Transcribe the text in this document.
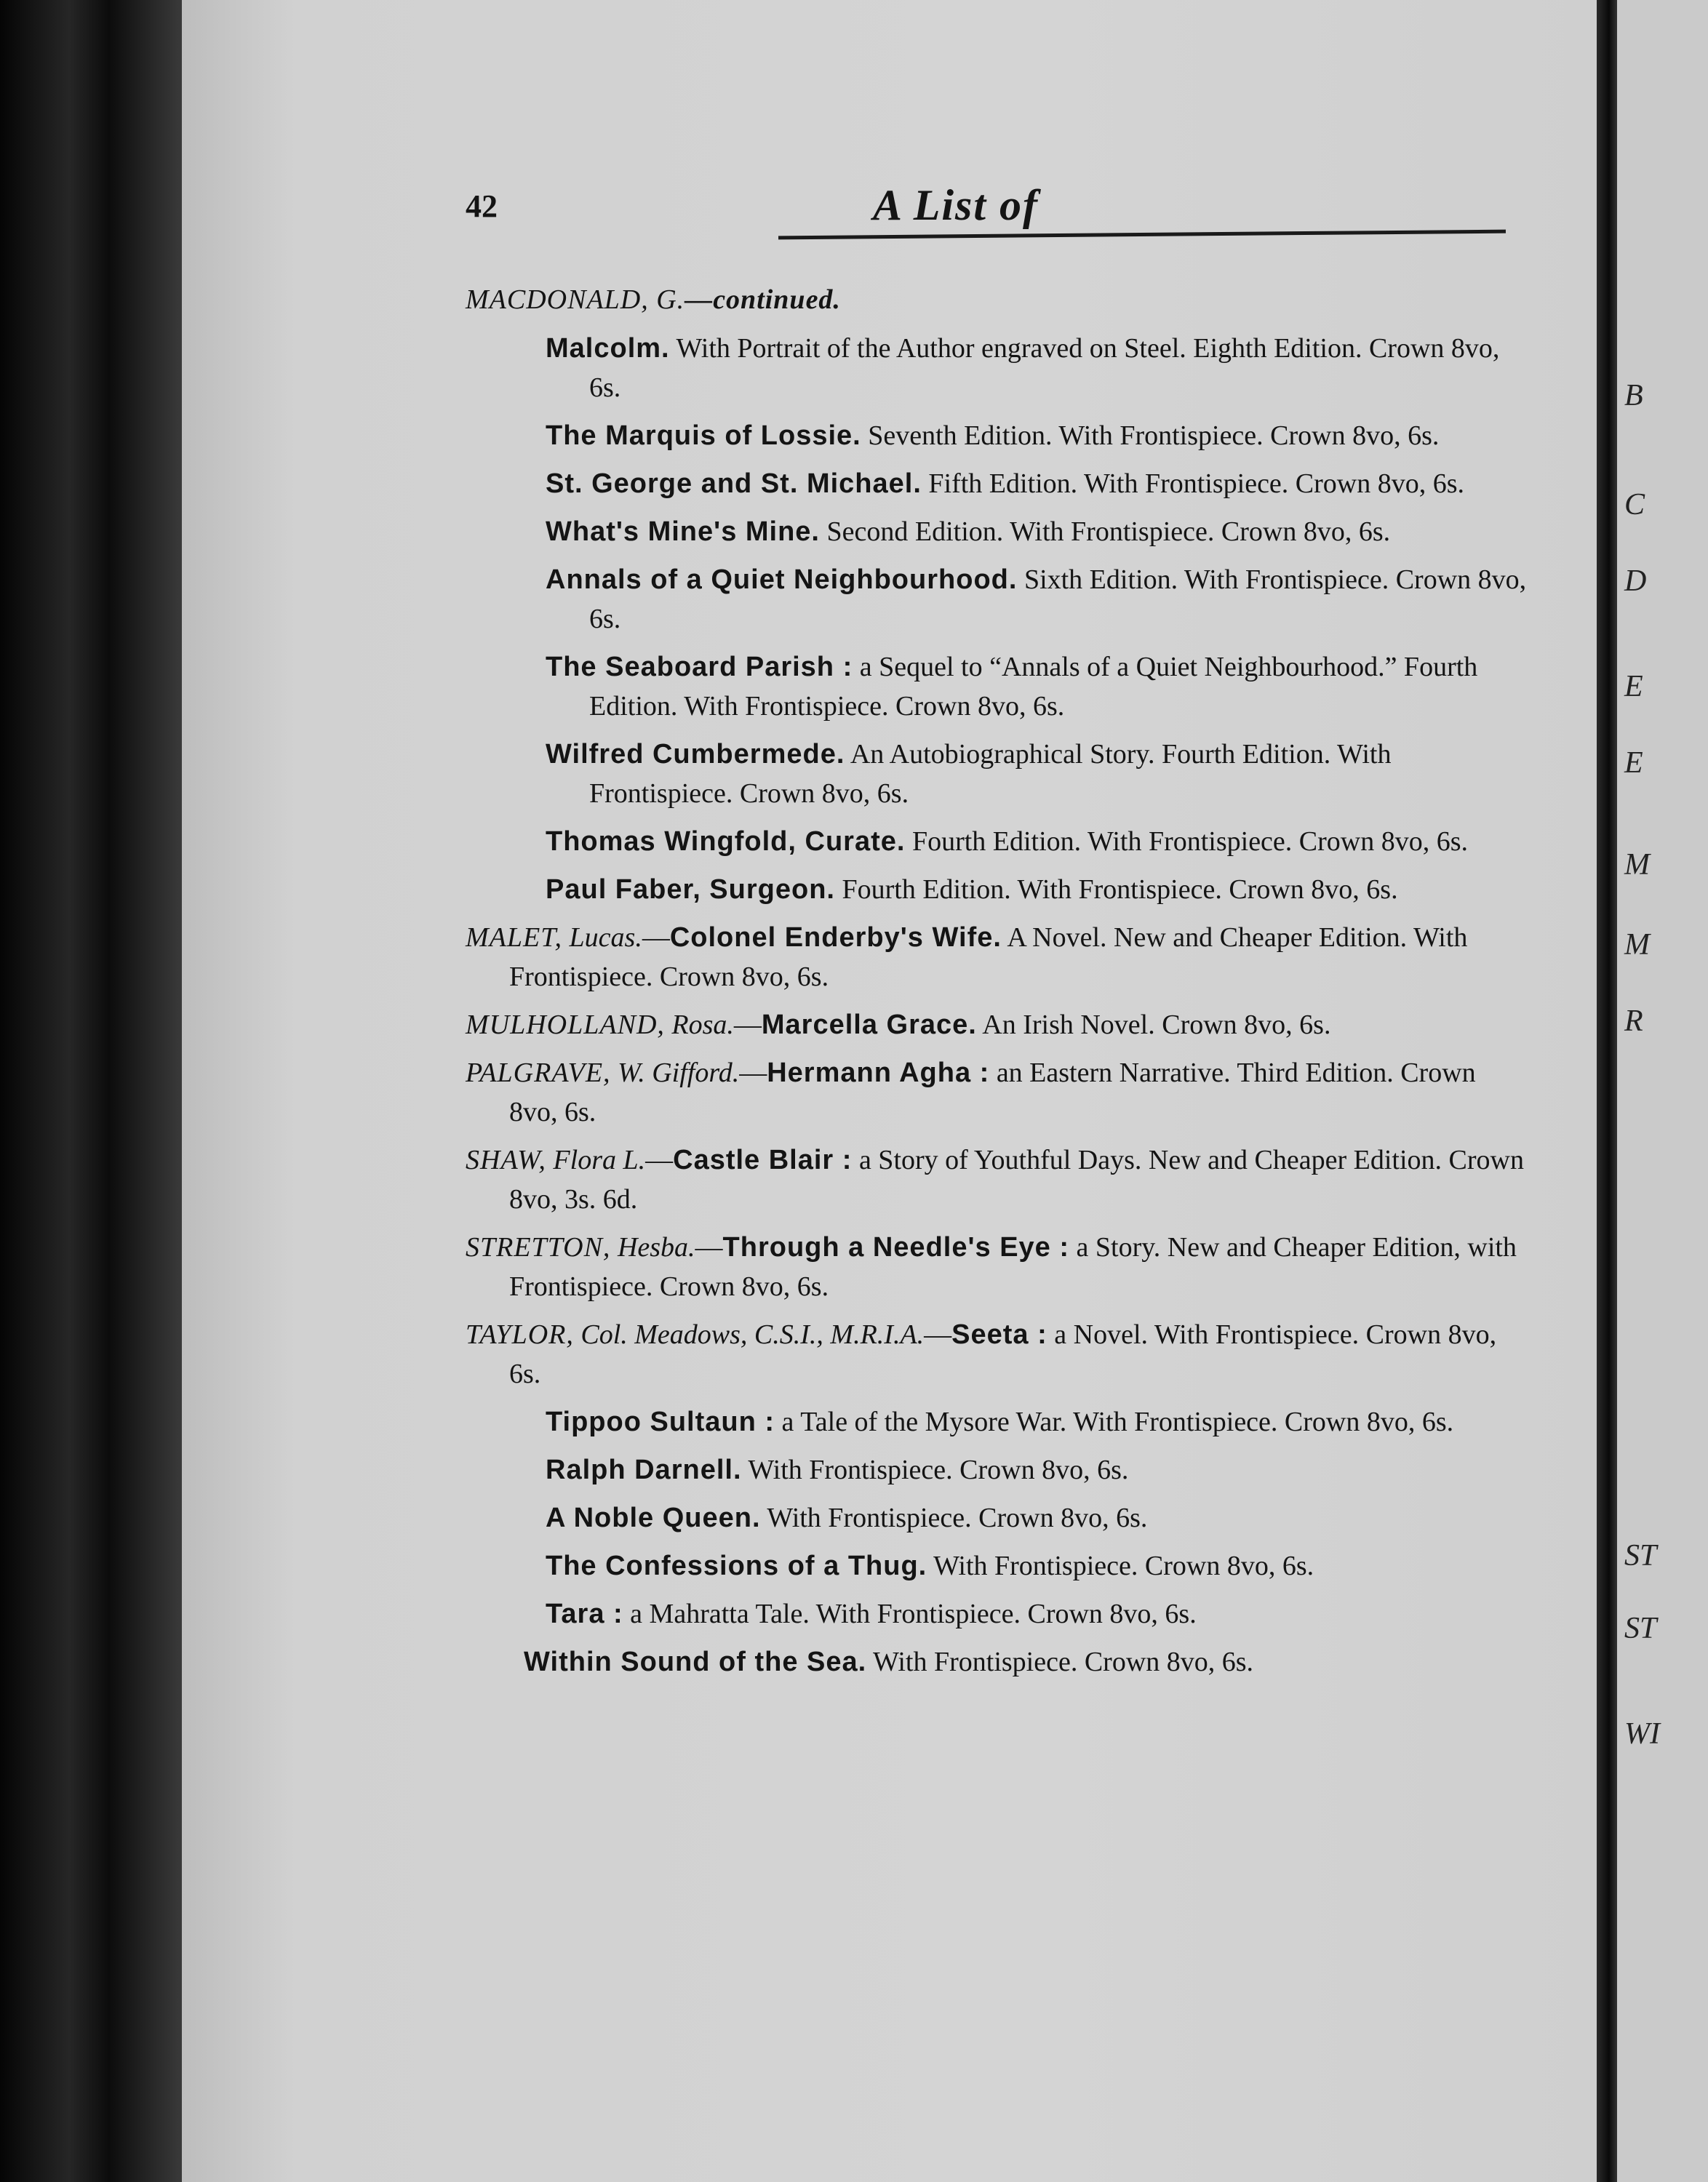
B
C
D
E
E
M
M
R
ST
ST
WI
42	A List of

MACDONALD, G.—continued.

Malcolm. With Portrait of the Author engraved on Steel. Eighth Edition. Crown 8vo, 6s.

The Marquis of Lossie. Seventh Edition. With Frontispiece. Crown 8vo, 6s.

St. George and St. Michael. Fifth Edition. With Frontispiece. Crown 8vo, 6s.

What's Mine's Mine. Second Edition. With Frontispiece. Crown 8vo, 6s.

Annals of a Quiet Neighbourhood. Sixth Edition. With Frontispiece. Crown 8vo, 6s.

The Seaboard Parish : a Sequel to “Annals of a Quiet Neighbourhood.” Fourth Edition. With Frontispiece. Crown 8vo, 6s.

Wilfred Cumbermede. An Autobiographical Story. Fourth Edition. With Frontispiece. Crown 8vo, 6s.

Thomas Wingfold, Curate. Fourth Edition. With Frontispiece. Crown 8vo, 6s.

Paul Faber, Surgeon. Fourth Edition. With Frontispiece. Crown 8vo, 6s.

MALET, Lucas.—Colonel Enderby's Wife. A Novel. New and Cheaper Edition. With Frontispiece. Crown 8vo, 6s.

MULHOLLAND, Rosa.—Marcella Grace. An Irish Novel. Crown 8vo, 6s.

PALGRAVE, W. Gifford.—Hermann Agha : an Eastern Narrative. Third Edition. Crown 8vo, 6s.

SHAW, Flora L.—Castle Blair : a Story of Youthful Days. New and Cheaper Edition. Crown 8vo, 3s. 6d.

STRETTON, Hesba.—Through a Needle's Eye : a Story. New and Cheaper Edition, with Frontispiece. Crown 8vo, 6s.

TAYLOR, Col. Meadows, C.S.I., M.R.I.A.—Seeta : a Novel. With Frontispiece. Crown 8vo, 6s.

Tippoo Sultaun : a Tale of the Mysore War. With Frontispiece. Crown 8vo, 6s.

Ralph Darnell. With Frontispiece. Crown 8vo, 6s.

A Noble Queen. With Frontispiece. Crown 8vo, 6s.

The Confessions of a Thug. With Frontispiece. Crown 8vo, 6s.

Tara : a Mahratta Tale. With Frontispiece. Crown 8vo, 6s.

Within Sound of the Sea. With Frontispiece. Crown 8vo, 6s.
